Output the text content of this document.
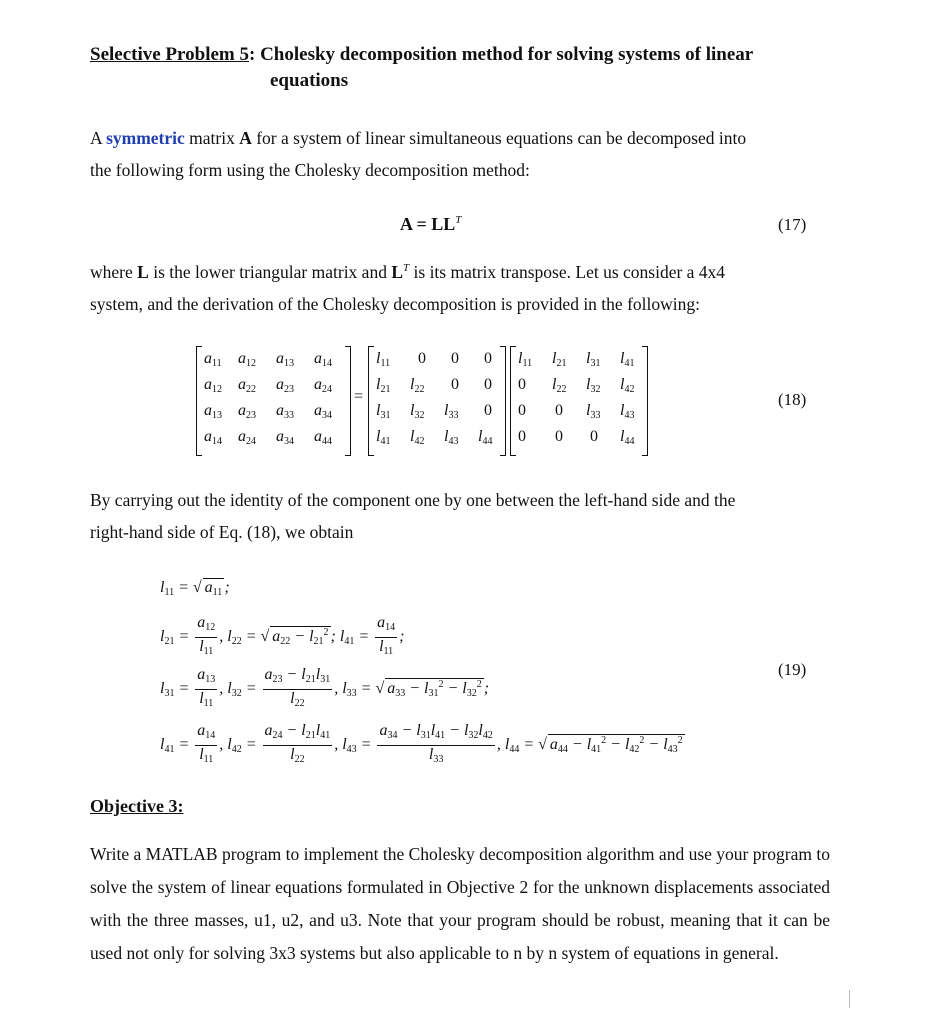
Selective Problem 5: Cholesky decomposition method for solving systems of linear
equations
A symmetric matrix A for a system of linear simultaneous equations can be decomposed into
the following form using the Cholesky decomposition method:
$A = LL^T$	(17)
where L is the lower triangular matrix and $L^T$ is its matrix transpose. Let us consider a 4x4
system, and the derivation of the Cholesky decomposition is provided in the following:
$a_{11}$ $a_{12}$ $a_{13}$ $a_{14}$
$a_{12}$ $a_{22}$ $a_{23}$ $a_{24}$
$a_{13}$ $a_{23}$ $a_{33}$ $a_{34}$
$a_{14}$ $a_{24}$ $a_{34}$ $a_{44}$
=
$l_{11}$ 0 0 0
$l_{21}$ $l_{22}$ 0 0
$l_{31}$ $l_{32}$ $l_{33}$ 0
$l_{41}$ $l_{42}$ $l_{43}$ $l_{44}$
$l_{11}$ $l_{21}$ $l_{31}$ $l_{41}$
0 $l_{22}$ $l_{32}$ $l_{42}$
0 0 $l_{33}$ $l_{43}$
0 0 0 $l_{44}$
(18)
By carrying out the identity of the component one by one between the left-hand side and the
right-hand side of Eq. (18), we obtain
$l_{11}$ = √ $a_{11}$ ;
$l_{21} = \frac{a_{12}}{l_{11}}$ , $l_{22}$ = √ $a_{22} - l_{21}^2$ ; $l_{41} = \frac{a_{14}}{l_{11}}$ ;
$l_{31} = \frac{a_{13}}{l_{11}}$ , $l_{32} = \frac{a_{23} - l_{21}l_{31}}{l_{22}}$ , $l_{33}$ = √ $a_{33} - l_{31}^2 - l_{32}^2$ ;
$l_{41} = \frac{a_{14}}{l_{11}}$ , $l_{42} = \frac{a_{24} - l_{21}l_{41}}{l_{22}}$ , $l_{43} = \frac{a_{34} - l_{31}l_{41} - l_{32}l_{42}}{l_{33}}$ , $l_{44}$ = √ $a_{44} - l_{41}^2 - l_{42}^2 - l_{43}^2$
(19)
Objective 3:
Write a MATLAB program to implement the Cholesky decomposition algorithm and use your program to solve the system of linear equations formulated in Objective 2 for the unknown displacements associated with the three masses, u1, u2, and u3. Note that your program should be robust, meaning that it can be used not only for solving 3x3 systems but also applicable to n by n system of equations in general.
